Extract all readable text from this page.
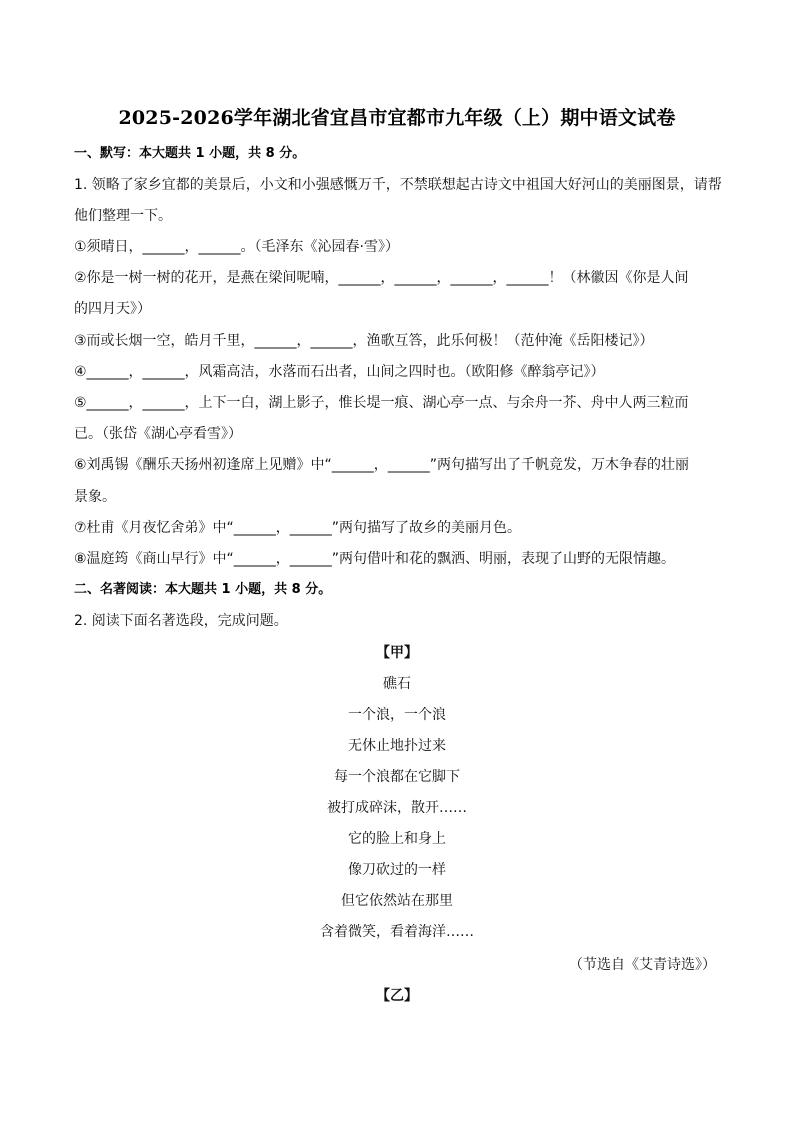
2025-2026学年湖北省宜昌市宜都市九年级（上）期中语文试卷
一、默写：本大题共 1 小题，共 8 分。
1. 领略了家乡宜都的美景后，小文和小强感慨万千，不禁联想起古诗文中祖国大好河山的美丽图景，请帮
他们整理一下。
①须晴日，______，______。（毛泽东《沁园春·雪》）
②你是一树一树的花开，是燕在梁间呢喃，______，______，______，______！（林徽因《你是人间
的四月天》）
③而或长烟一空，皓月千里，______，______，渔歌互答，此乐何极！（范仲淹《岳阳楼记》）
④______，______，风霜高洁，水落而石出者，山间之四时也。（欧阳修《醉翁亭记》）
⑤______，______，上下一白，湖上影子，惟长堤一痕、湖心亭一点、与余舟一芥、舟中人两三粒而
已。（张岱《湖心亭看雪》）
⑥刘禹锡《酬乐天扬州初逢席上见赠》中“______，______”两句描写出了千帆竞发，万木争春的壮丽
景象。
⑦杜甫《月夜忆舍弟》中“______，______”两句描写了故乡的美丽月色。
⑧温庭筠《商山早行》中“______，______”两句借叶和花的飘洒、明丽，表现了山野的无限情趣。
二、名著阅读：本大题共 1 小题，共 8 分。
2. 阅读下面名著选段，完成问题。
【甲】
礁石
一个浪，一个浪
无休止地扑过来
每一个浪都在它脚下
被打成碎沫，散开……
它的脸上和身上
像刀砍过的一样
但它依然站在那里
含着微笑，看着海洋……
（节选自《艾青诗选》）
【乙】
